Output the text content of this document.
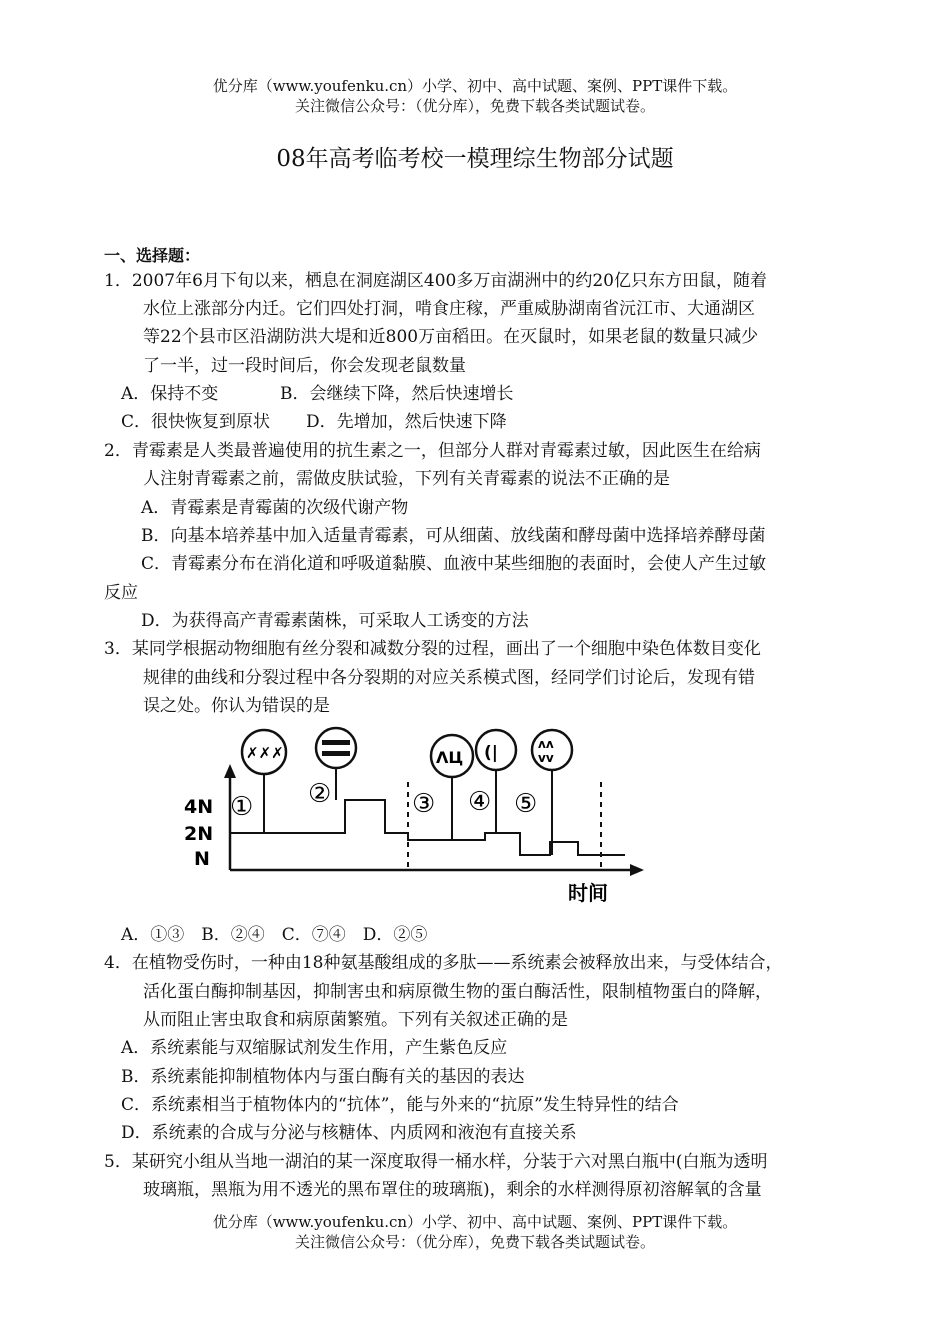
优分库（www.youfenku.cn）小学、初中、高中试题、案例、PPT课件下载。
关注微信公众号：（优分库），免费下载各类试题试卷。
08年高考临考校一模理综生物部分试题
一、选择题：
1．2007年6月下旬以来，栖息在洞庭湖区400多万亩湖洲中的约20亿只东方田鼠，随着
水位上涨部分内迁。它们四处打洞，啃食庄稼，严重威胁湖南省沅江市、大通湖区
等22个县市区沿湖防洪大堤和近800万亩稻田。在灭鼠时，如果老鼠的数量只减少
了一半，过一段时间后，你会发现老鼠数量
A．保持不变	B．会继续下降，然后快速增长
C．很快恢复到原状 D．先增加，然后快速下降
2．青霉素是人类最普遍使用的抗生素之一，但部分人群对青霉素过敏，因此医生在给病
人注射青霉素之前，需做皮肤试验，下列有关青霉素的说法不正确的是
A．青霉素是青霉菌的次级代谢产物
B．向基本培养基中加入适量青霉素，可从细菌、放线菌和酵母菌中选择培养酵母菌
C．青霉素分布在消化道和呼吸道黏膜、血液中某些细胞的表面时，会使人产生过敏
反应
D．为获得高产青霉素菌株，可采取人工诱变的方法
3．某同学根据动物细胞有丝分裂和减数分裂的过程，画出了一个细胞中染色体数目变化
规律的曲线和分裂过程中各分裂期的对应关系模式图，经同学们讨论后，发现有错
误之处。你认为错误的是
4N
2N
N
时间
✗✗✗	ɅЦ (|	ʌʌ
vv
① ②	③ ④ ⑤
A．①③　B．②④　C．⑦④　D．②⑤
4．在植物受伤时，一种由18种氨基酸组成的多肽——系统素会被释放出来，与受体结合，
活化蛋白酶抑制基因，抑制害虫和病原微生物的蛋白酶活性，限制植物蛋白的降解，
从而阻止害虫取食和病原菌繁殖。下列有关叙述正确的是
A．系统素能与双缩脲试剂发生作用，产生紫色反应
B．系统素能抑制植物体内与蛋白酶有关的基因的表达
C．系统素相当于植物体内的“抗体”，能与外来的“抗原”发生特异性的结合
D．系统素的合成与分泌与核糖体、内质网和液泡有直接关系
5．某研究小组从当地一湖泊的某一深度取得一桶水样，分装于六对黑白瓶中(白瓶为透明
玻璃瓶，黑瓶为用不透光的黑布罩住的玻璃瓶)，剩余的水样测得原初溶解氧的含量
优分库（www.youfenku.cn）小学、初中、高中试题、案例、PPT课件下载。
关注微信公众号：（优分库），免费下载各类试题试卷。
